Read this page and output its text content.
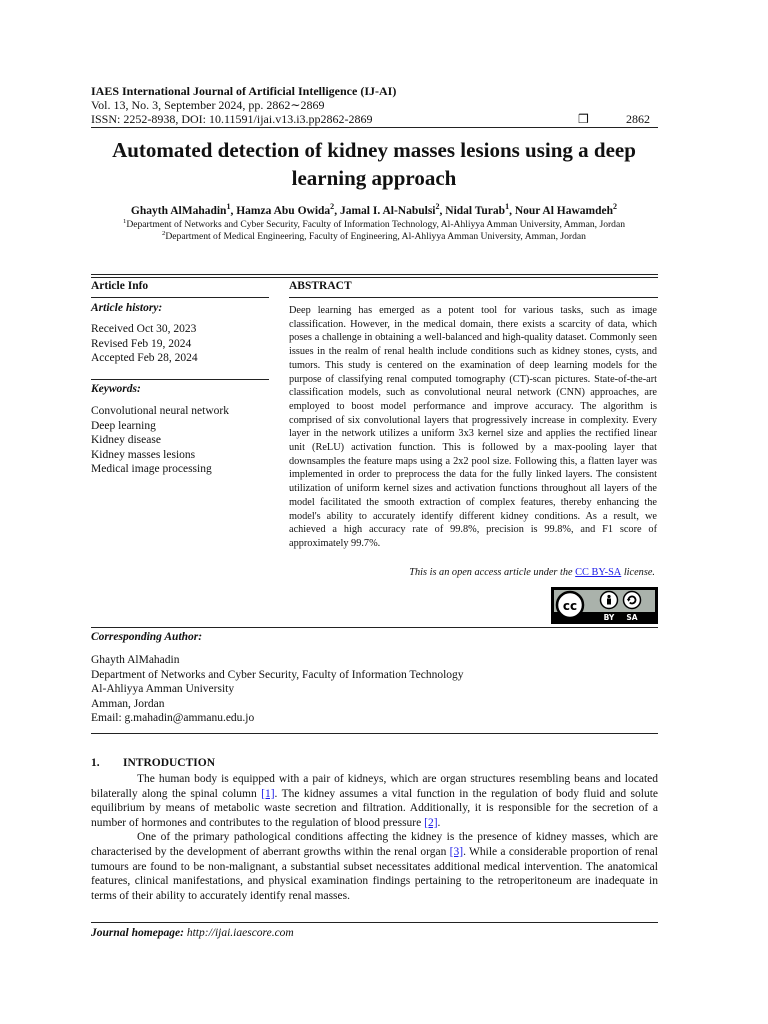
IAES International Journal of Artificial Intelligence (IJ-AI)
Vol. 13, No. 3, September 2024, pp. 2862∼2869
ISSN: 2252-8938, DOI: 10.11591/ijai.v13.i3.pp2862-2869	❒	2862
Automated detection of kidney masses lesions using a deep
learning approach
Ghayth AlMahadin$^1$, Hamza Abu Owida$^2$, Jamal I. Al-Nabulsi$^2$, Nidal Turab$^1$, Nour Al Hawamdeh$^2$
$^1$Department of Networks and Cyber Security, Faculty of Information Technology, Al-Ahliyya Amman University, Amman, Jordan
$^2$Department of Medical Engineering, Faculty of Engineering, Al-Ahliyya Amman University, Amman, Jordan
Article Info
Article history:
Received Oct 30, 2023
Revised Feb 19, 2024
Accepted Feb 28, 2024
Keywords:
Convolutional neural network
Deep learning
Kidney disease
Kidney masses lesions
Medical image processing
ABSTRACT
Deep learning has emerged as a potent tool for various tasks, such as image classification. However, in the medical domain, there exists a scarcity of data, which poses a challenge in obtaining a well-balanced and high-quality dataset. Commonly seen issues in the realm of renal health include conditions such as kidney stones, cysts, and tumors. This study is centered on the examination of deep learning models for the purpose of classifying renal computed tomography (CT)-scan pictures. State-of-the-art classification models, such as convolutional neural network (CNN) approaches, are employed to boost model performance and improve accuracy. The algorithm is comprised of six convolutional layers that progressively increase in complexity. Every layer in the network utilizes a uniform 3x3 kernel size and applies the rectified linear unit (ReLU) activation function. This is followed by a max-pooling layer that downsamples the feature maps using a 2x2 pool size. Following this, a flatten layer was implemented in order to preprocess the data for the fully linked layers. The consistent utilization of uniform kernel sizes and activation functions throughout all layers of the model facilitated the smooth extraction of complex features, thereby enhancing the model's ability to accurately identify different kidney conditions. As a result, we achieved a high accuracy rate of 99.8%, precision is 99.8%, and F1 score of approximately 99.7%.
This is an open access article under the CC BY-SA license.
cc
BY SA
Corresponding Author:
Ghayth AlMahadin
Department of Networks and Cyber Security, Faculty of Information Technology
Al-Ahliyya Amman University
Amman, Jordan
Email: g.mahadin@ammanu.edu.jo
1. INTRODUCTION

The human body is equipped with a pair of kidneys, which are organ structures resembling beans and located bilaterally along the spinal column [1]. The kidney assumes a vital function in the regulation of body fluid and solute equilibrium by means of metabolic waste secretion and filtration. Additionally, it is responsible for the secretion of a number of hormones and contributes to the regulation of blood pressure [2].

One of the primary pathological conditions affecting the kidney is the presence of kidney masses, which are characterised by the development of aberrant growths within the renal organ [3]. While a considerable proportion of renal tumours are found to be non-malignant, a substantial subset necessitates additional medical intervention. The anatomical features, clinical manifestations, and physical examination findings pertaining to the retroperitoneum are inadequate in terms of their ability to accurately identify renal masses.

Journal homepage: http://ijai.iaescore.com
